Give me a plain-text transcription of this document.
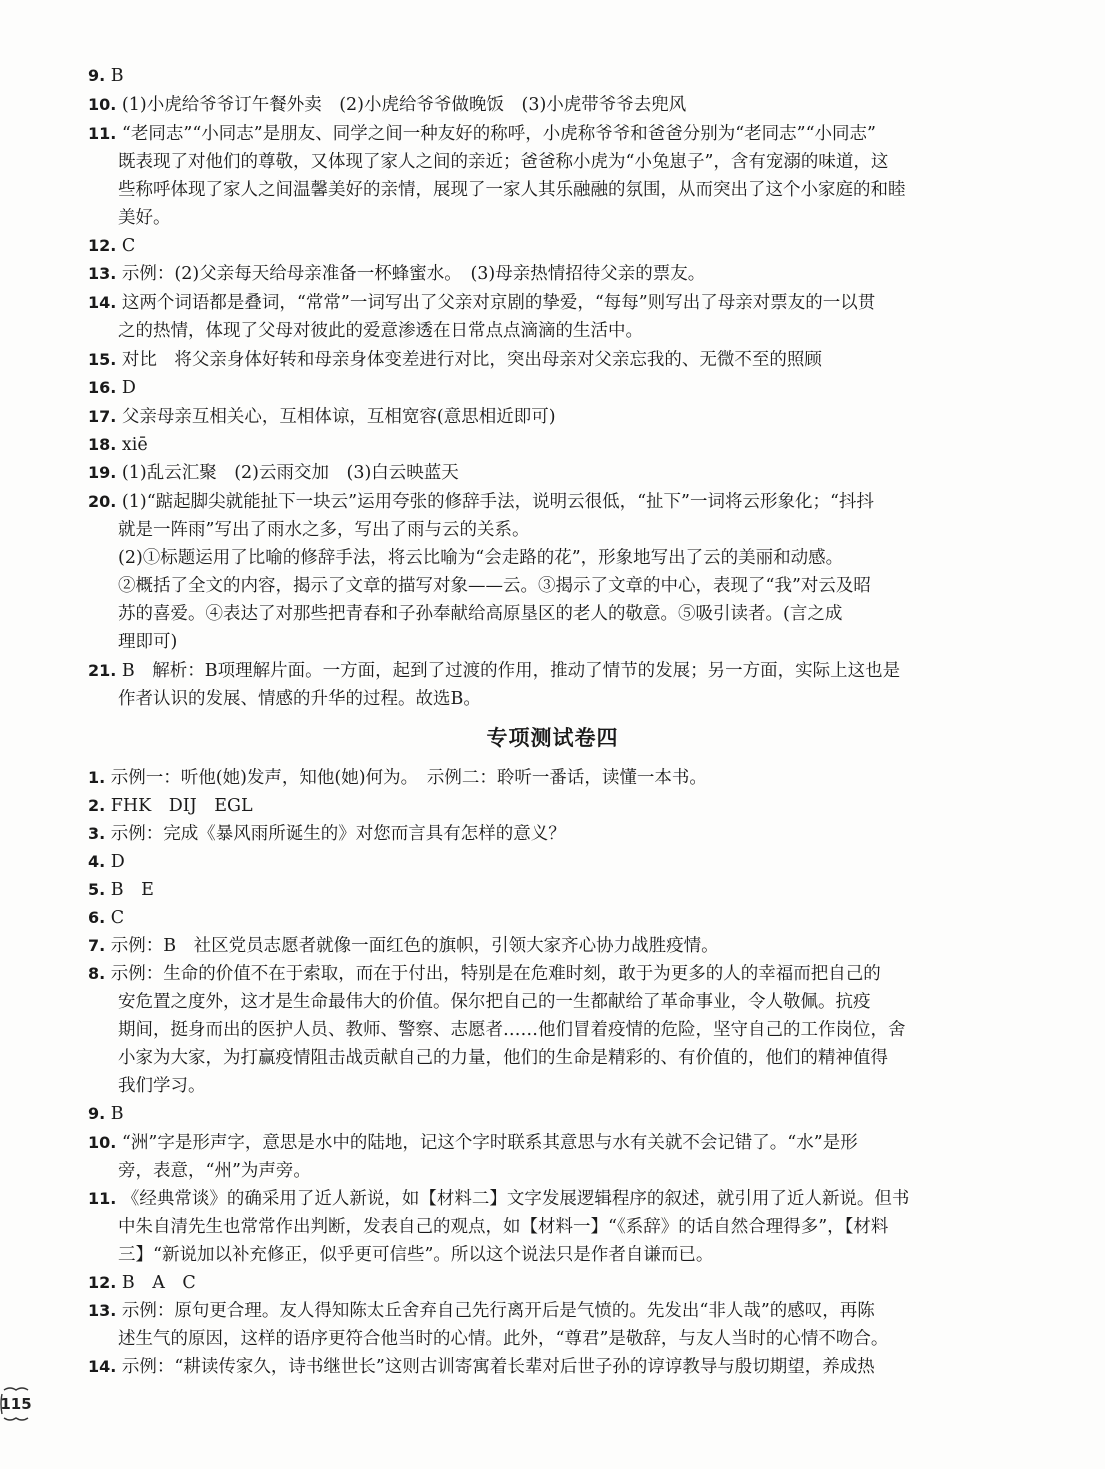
9. B
10. (1)小虎给爷爷订午餐外卖　(2)小虎给爷爷做晚饭　(3)小虎带爷爷去兜风
11. “老同志”“小同志”是朋友、同学之间一种友好的称呼，小虎称爷爷和爸爸分别为“老同志”“小同志”
既表现了对他们的尊敬，又体现了家人之间的亲近；爸爸称小虎为“小兔崽子”，含有宠溺的味道，这
些称呼体现了家人之间温馨美好的亲情，展现了一家人其乐融融的氛围，从而突出了这个小家庭的和睦
美好。
12. C
13. 示例：(2)父亲每天给母亲准备一杯蜂蜜水。　(3)母亲热情招待父亲的票友。
14. 这两个词语都是叠词，“常常”一词写出了父亲对京剧的挚爱，“每每”则写出了母亲对票友的一以贯
之的热情，体现了父母对彼此的爱意渗透在日常点点滴滴的生活中。
15. 对比　将父亲身体好转和母亲身体变差进行对比，突出母亲对父亲忘我的、无微不至的照顾
16. D
17. 父亲母亲互相关心，互相体谅，互相宽容(意思相近即可)
18. xiē
19. (1)乱云汇聚　(2)云雨交加　(3)白云映蓝天
20. (1)“踮起脚尖就能扯下一块云”运用夸张的修辞手法，说明云很低，“扯下”一词将云形象化；“抖抖
就是一阵雨”写出了雨水之多，写出了雨与云的关系。
(2)①标题运用了比喻的修辞手法，将云比喻为“会走路的花”，形象地写出了云的美丽和动感。
②概括了全文的内容，揭示了文章的描写对象——云。③揭示了文章的中心，表现了“我”对云及昭
苏的喜爱。④表达了对那些把青春和子孙奉献给高原垦区的老人的敬意。⑤吸引读者。(言之成
理即可)
21. B　解析：B项理解片面。一方面，起到了过渡的作用，推动了情节的发展；另一方面，实际上这也是
作者认识的发展、情感的升华的过程。故选B。
专项测试卷四
1. 示例一：听他(她)发声，知他(她)何为。　示例二：聆听一番话，读懂一本书。
2. FHK　DIJ　EGL
3. 示例：完成《暴风雨所诞生的》对您而言具有怎样的意义？
4. D
5. B　E
6. C
7. 示例：B　社区党员志愿者就像一面红色的旗帜，引领大家齐心协力战胜疫情。
8. 示例：生命的价值不在于索取，而在于付出，特别是在危难时刻，敢于为更多的人的幸福而把自己的
安危置之度外，这才是生命最伟大的价值。保尔把自己的一生都献给了革命事业，令人敬佩。抗疫
期间，挺身而出的医护人员、教师、警察、志愿者……他们冒着疫情的危险，坚守自己的工作岗位，舍
小家为大家，为打赢疫情阻击战贡献自己的力量，他们的生命是精彩的、有价值的，他们的精神值得
我们学习。
9. B
10. “洲”字是形声字，意思是水中的陆地，记这个字时联系其意思与水有关就不会记错了。“水”是形
旁，表意，“州”为声旁。
11. 《经典常谈》的确采用了近人新说，如【材料二】文字发展逻辑程序的叙述，就引用了近人新说。但书
中朱自清先生也常常作出判断，发表自己的观点，如【材料一】“《系辞》的话自然合理得多”，【材料
三】“新说加以补充修正，似乎更可信些”。所以这个说法只是作者自谦而已。
12. B　A　C
13. 示例：原句更合理。友人得知陈太丘舍弃自己先行离开后是气愤的。先发出“非人哉”的感叹，再陈
述生气的原因，这样的语序更符合他当时的心情。此外，“尊君”是敬辞，与友人当时的心情不吻合。
14. 示例：“耕读传家久，诗书继世长”这则古训寄寓着长辈对后世子孙的谆谆教导与殷切期望，养成热
115
